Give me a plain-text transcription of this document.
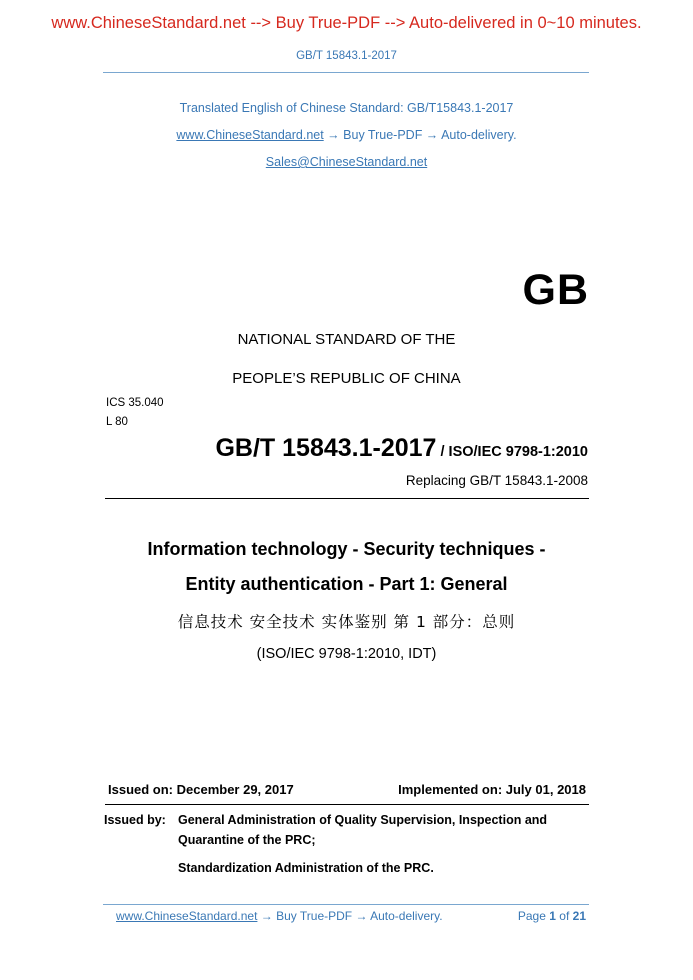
www.ChineseStandard.net --> Buy True-PDF --> Auto-delivered in 0~10 minutes.
GB/T 15843.1-2017
Translated English of Chinese Standard: GB/T15843.1-2017
www.ChineseStandard.net → Buy True-PDF → Auto-delivery.
Sales@ChineseStandard.net
GB
NATIONAL STANDARD OF THE
PEOPLE’S REPUBLIC OF CHINA
ICS 35.040
L 80
GB/T 15843.1-2017 / ISO/IEC 9798-1:2010
Replacing GB/T 15843.1-2008
Information technology - Security techniques -
Entity authentication - Part 1: General
信息技术 安全技术 实体鉴别 第 1 部分：总则
(ISO/IEC 9798-1:2010, IDT)
Issued on: December 29, 2017	Implemented on: July 01, 2018
Issued by: General Administration of Quality Supervision, Inspection and
Quarantine of the PRC;
Standardization Administration of the PRC.
www.ChineseStandard.net → Buy True-PDF → Auto-delivery.	Page 1 of 21
